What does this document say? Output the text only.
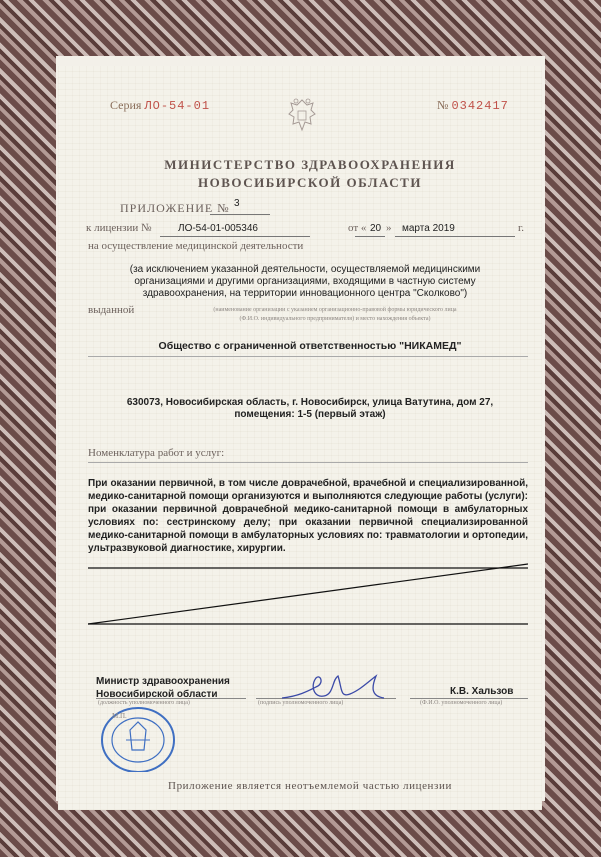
Серия ЛО-54-01	№ 0342417
МИНИСТЕРСТВО ЗДРАВООХРАНЕНИЯ
НОВОСИБИРСКОЙ ОБЛАСТИ
ПРИЛОЖЕНИЕ № 3
к лицензии №	ЛО-54-01-005346	от « 20 » марта 2019	г.
на осуществление медицинской деятельности
(за исключением указанной деятельности, осуществляемой медицинскими организациями и другими организациями, входящими в частную систему здравоохранения, на территории инновационного центра "Сколково")
выданной	(наименование организации с указанием организационно-правовой формы юридического лица
(Ф.И.О. индивидуального предпринимателя) и место нахождения объекта)
Общество с ограниченной ответственностью "НИКАМЕД"
630073, Новосибирская область, г. Новосибирск, улица Ватутина, дом 27,
помещения: 1-5 (первый этаж)
Номенклатура работ и услуг:
При оказании первичной, в том числе доврачебной, врачебной и специализированной, медико-санитарной помощи организуются и выполняются следующие работы (услуги): при оказании первичной доврачебной медико-санитарной помощи в амбулаторных условиях по: сестринскому делу; при оказании первичной специализированной медико-санитарной помощи в амбулаторных условиях по: травматологии и ортопедии, ультразвуковой диагностике, хирургии.
Министр здравоохранения
Новосибирской области
(должность уполномоченного лица)	(подпись уполномоченного лица)	(Ф.И.О. уполномоченного лица)
К.В. Хальзов
М.П.
Приложение является неотъемлемой частью лицензии
